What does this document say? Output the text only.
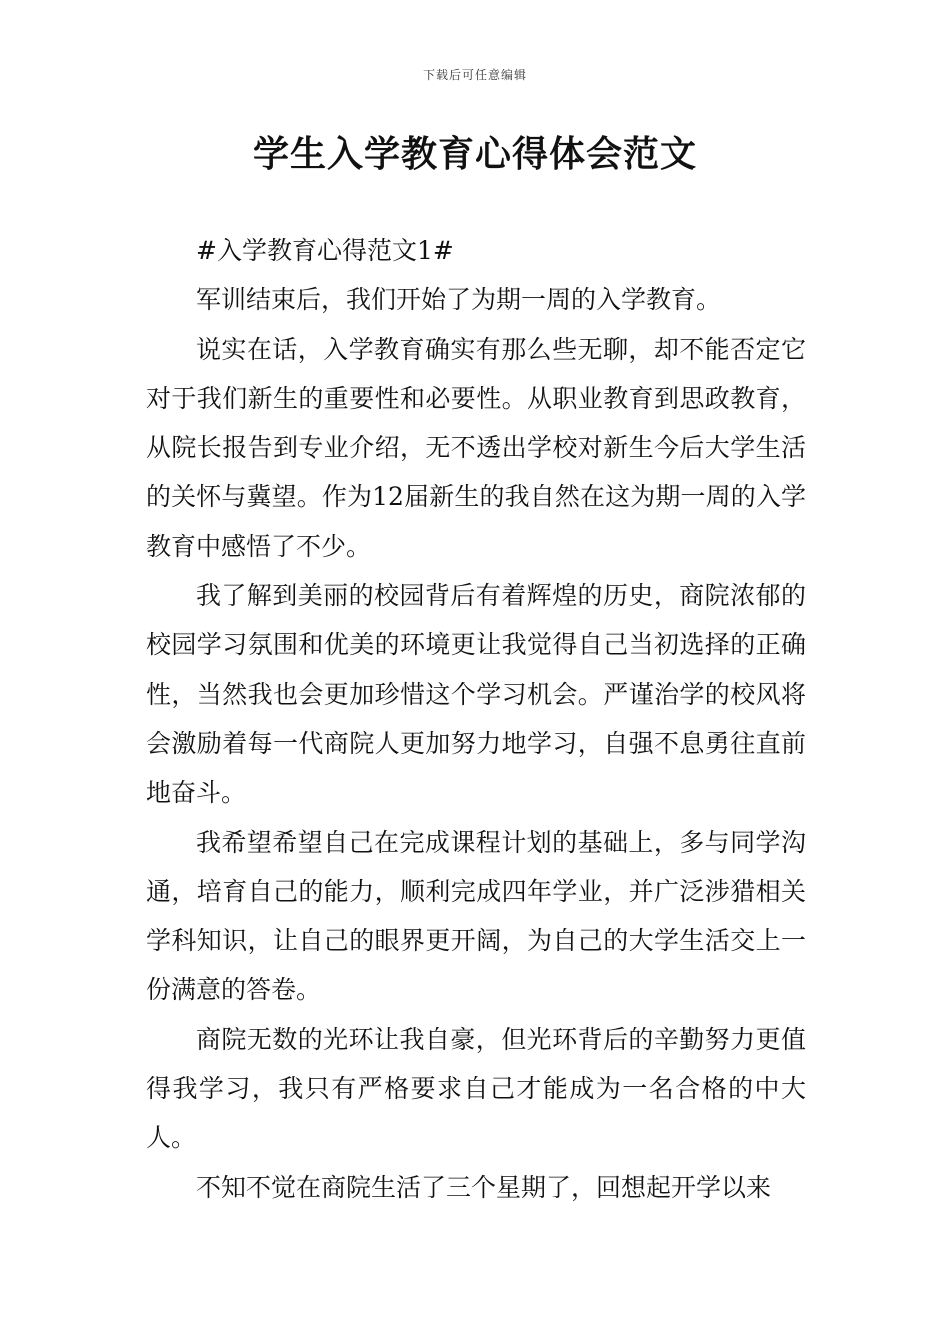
下载后可任意编辑
学生入学教育心得体会范文

#入学教育心得范文1#

军训结束后，我们开始了为期一周的入学教育。

说实在话，入学教育确实有那么些无聊，却不能否定它对于我们新生的重要性和必要性。从职业教育到思政教育，从院长报告到专业介绍，无不透出学校对新生今后大学生活的关怀与冀望。作为12届新生的我自然在这为期一周的入学教育中感悟了不少。

我了解到美丽的校园背后有着辉煌的历史，商院浓郁的校园学习氛围和优美的环境更让我觉得自己当初选择的正确性，当然我也会更加珍惜这个学习机会。严谨治学的校风将会激励着每一代商院人更加努力地学习，自强不息勇往直前地奋斗。

我希望希望自己在完成课程计划的基础上，多与同学沟通，培育自己的能力，顺利完成四年学业，并广泛涉猎相关学科知识，让自己的眼界更开阔，为自己的大学生活交上一份满意的答卷。

商院无数的光环让我自豪，但光环背后的辛勤努力更值得我学习，我只有严格要求自己才能成为一名合格的中大人。

不知不觉在商院生活了三个星期了，回想起开学以来
